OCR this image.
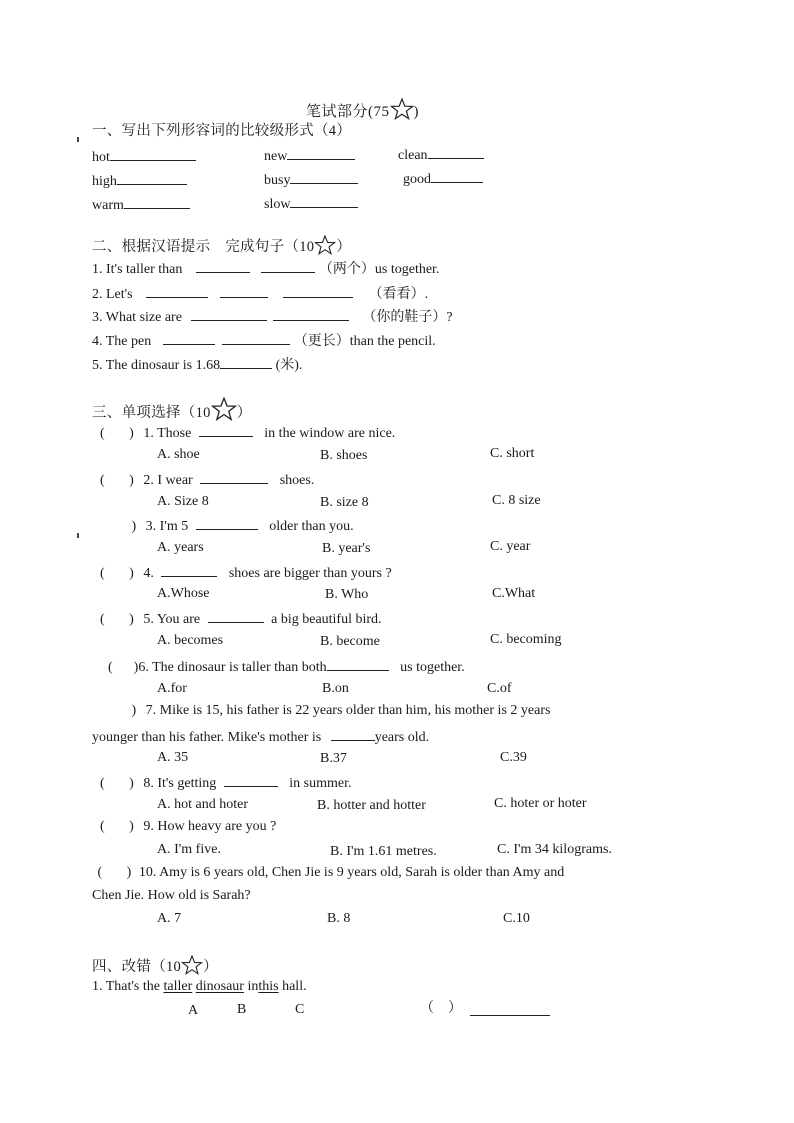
笔试部分(75 )
一、写出下列形容词的比较级形式（4）
hot	new	clean
high	busy	good
warm	slow
二、根据汉语提示　完成句子（10 ）
1. It's taller than	（两个）us together.
2. Let's	（看看）.
3. What size are	（你的鞋子）?
4. The pen	（更长）than the pencil.
5. The dinosaur is 1.68	(米).
三、单项选择（10 ）
(       ) 1. Those	in the window are nice.
A. shoe	B. shoes	C. short
(       ) 2. I wear	shoes.
A. Size 8	B. size 8	C. 8 size
) 3. I'm 5	older than you.
A. years	B. year's	C. year
(       ) 4.	shoes are bigger than yours ?
A.Whose	B. Who	C.What
(       ) 5. You are	a big beautiful bird.
A. becomes	B. become	C. becoming
(      )6. The dinosaur is taller than both	us together.
A.for	B.on	C.of
) 7. Mike is 15, his father is 22 years older than him, his mother is 2 years
younger than his father. Mike's mother is	years old.
A. 35	B.37	C.39
(       ) 8. It's getting	in summer.
A. hot and hoter	B. hotter and hotter	C. hoter or hoter
(       ) 9. How heavy are you ?
A. I'm five.	B. I'm 1.61 metres.	C. I'm 34 kilograms.
(       ) 10. Amy is 6 years old, Chen Jie is 9 years old, Sarah is older than Amy and
Chen Jie. How old is Sarah?
A. 7	B. 8	C.10
四、改错（10 ）
1. That's the taller dinosaur inthis hall.
A	B	C	（　）
